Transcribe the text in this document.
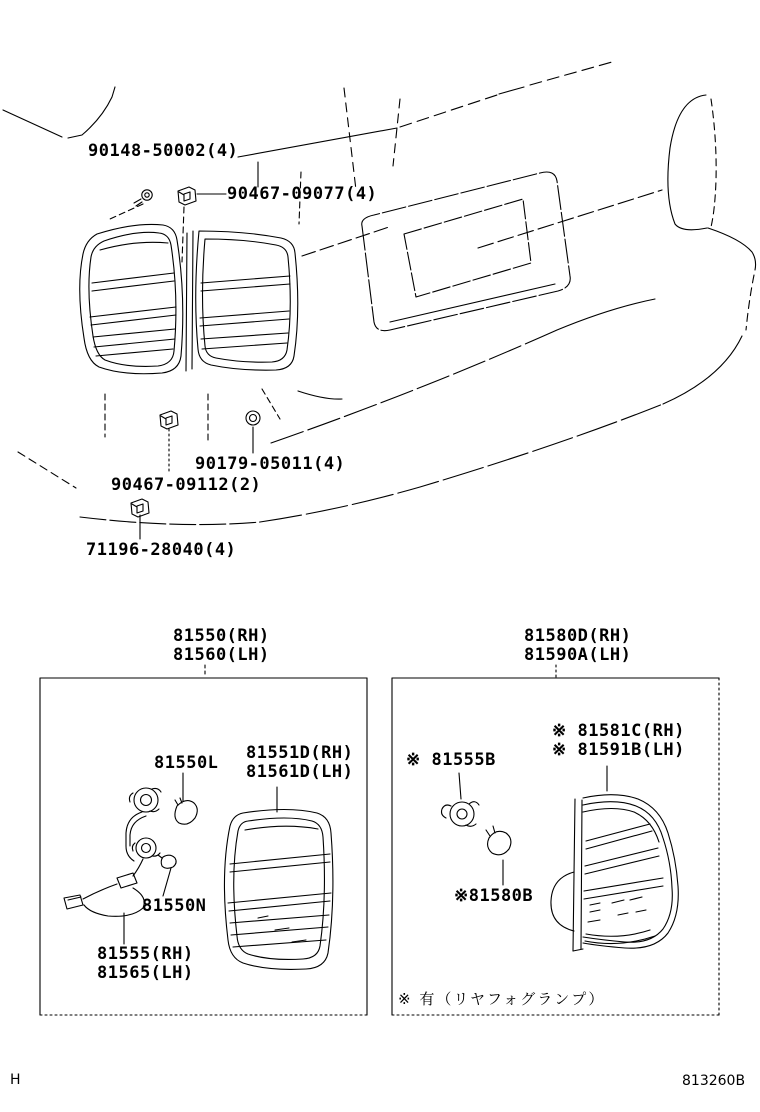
90148-50002(4)
90467-09077(4)
90179-05011(4)
90467-09112(2)
71196-28040(4)
81550(RH)
81560(LH)
81580D(RH)
81590A(LH)
81550L 81551D(RH)
81561D(LH)
81550N
81555(RH)
81565(LH)
※ 81555B
※ 81581C(RH)
※ 81591B(LH)
※81580B
※ 有（リヤフォグランプ）
H	813260B
